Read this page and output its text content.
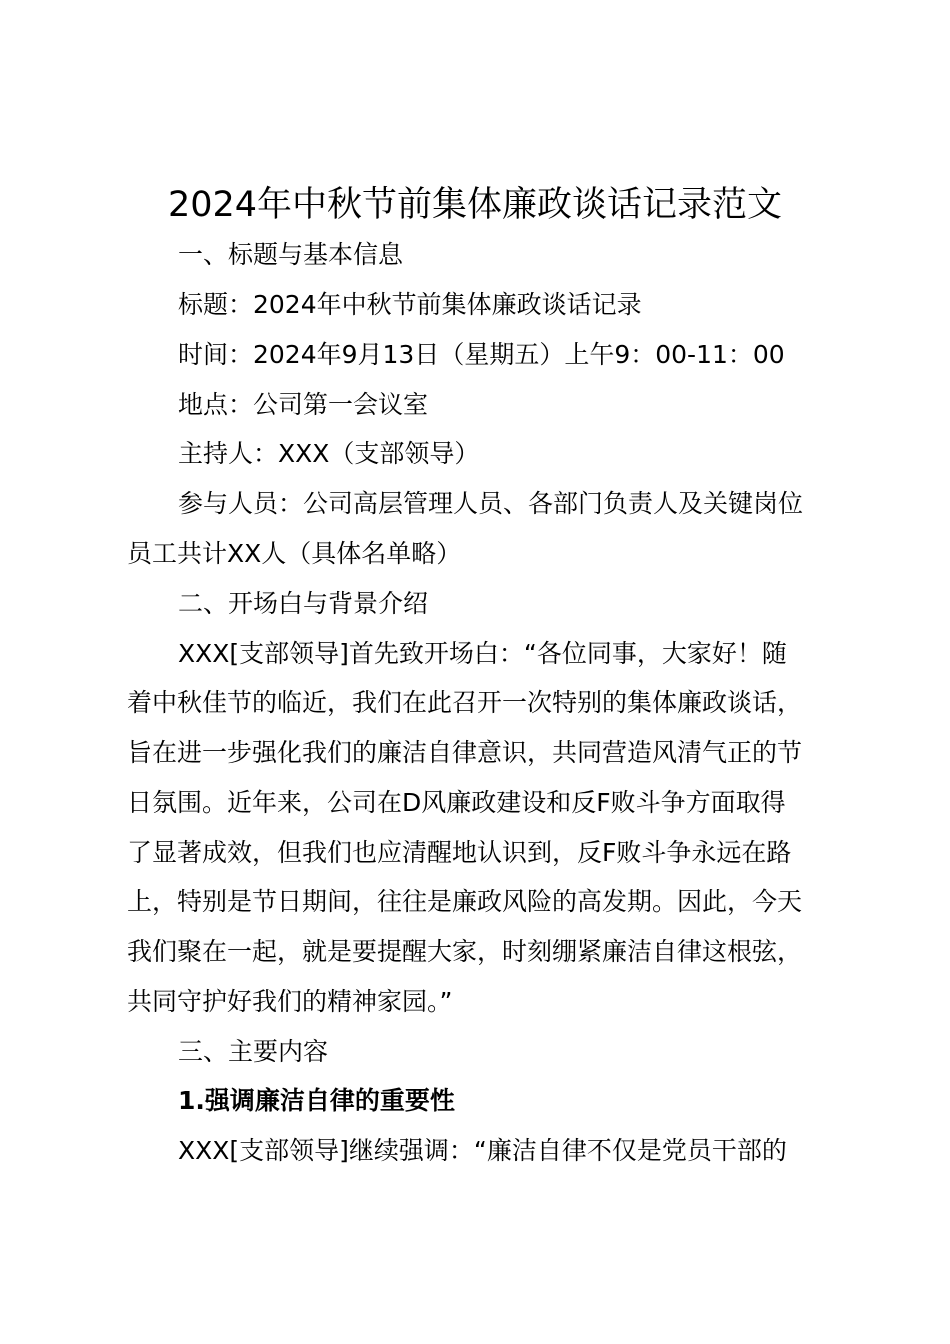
2024年中秋节前集体廉政谈话记录范文
一、标题与基本信息
标题：2024年中秋节前集体廉政谈话记录
时间：2024年9月13日（星期五）上午9：00-11：00
地点：公司第一会议室
主持人：XXX（支部领导）
参与人员：公司高层管理人员、各部门负责人及关键岗位
员工共计XX人（具体名单略）
二、开场白与背景介绍
XXX[支部领导]首先致开场白：“各位同事，大家好！随
着中秋佳节的临近，我们在此召开一次特别的集体廉政谈话，
旨在进一步强化我们的廉洁自律意识，共同营造风清气正的节
日氛围。近年来，公司在D风廉政建设和反F败斗争方面取得
了显著成效，但我们也应清醒地认识到，反F败斗争永远在路
上，特别是节日期间，往往是廉政风险的高发期。因此，今天
我们聚在一起，就是要提醒大家，时刻绷紧廉洁自律这根弦，
共同守护好我们的精神家园。”
三、主要内容
1.强调廉洁自律的重要性
XXX[支部领导]继续强调：“廉洁自律不仅是党员干部的
